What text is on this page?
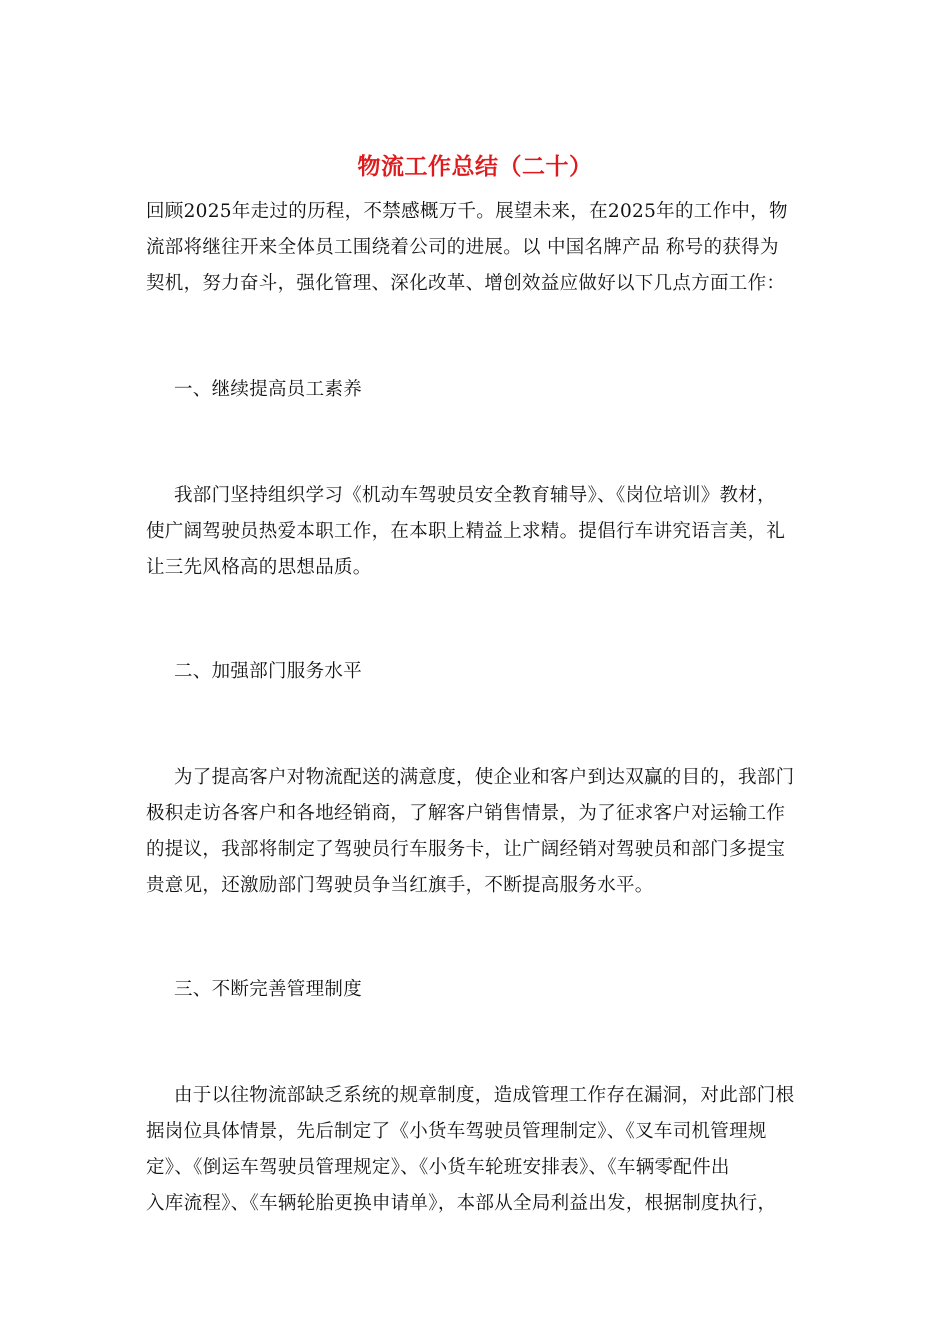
物流工作总结（二十）
回顾2025年走过的历程，不禁感概万千。展望未来，在2025年的工作中，物
流部将继往开来全体员工围绕着公司的进展。以 中国名牌产品 称号的获得为
契机，努力奋斗，强化管理、深化改革、增创效益应做好以下几点方面工作：
一、继续提高员工素养
我部门坚持组织学习《机动车驾驶员安全教育辅导》、《岗位培训》教材，
使广阔驾驶员热爱本职工作，在本职上精益上求精。提倡行车讲究语言美，礼
让三先风格高的思想品质。
二、加强部门服务水平
为了提高客户对物流配送的满意度，使企业和客户到达双赢的目的，我部门
极积走访各客户和各地经销商，了解客户销售情景，为了征求客户对运输工作
的提议，我部将制定了驾驶员行车服务卡，让广阔经销对驾驶员和部门多提宝
贵意见，还激励部门驾驶员争当红旗手，不断提高服务水平。
三、不断完善管理制度
由于以往物流部缺乏系统的规章制度，造成管理工作存在漏洞，对此部门根
据岗位具体情景，先后制定了《小货车驾驶员管理制定》、《叉车司机管理规
定》、《倒运车驾驶员管理规定》、《小货车轮班安排表》、《车辆零配件出
入库流程》、《车辆轮胎更换申请单》，本部从全局利益出发，根据制度执行，
